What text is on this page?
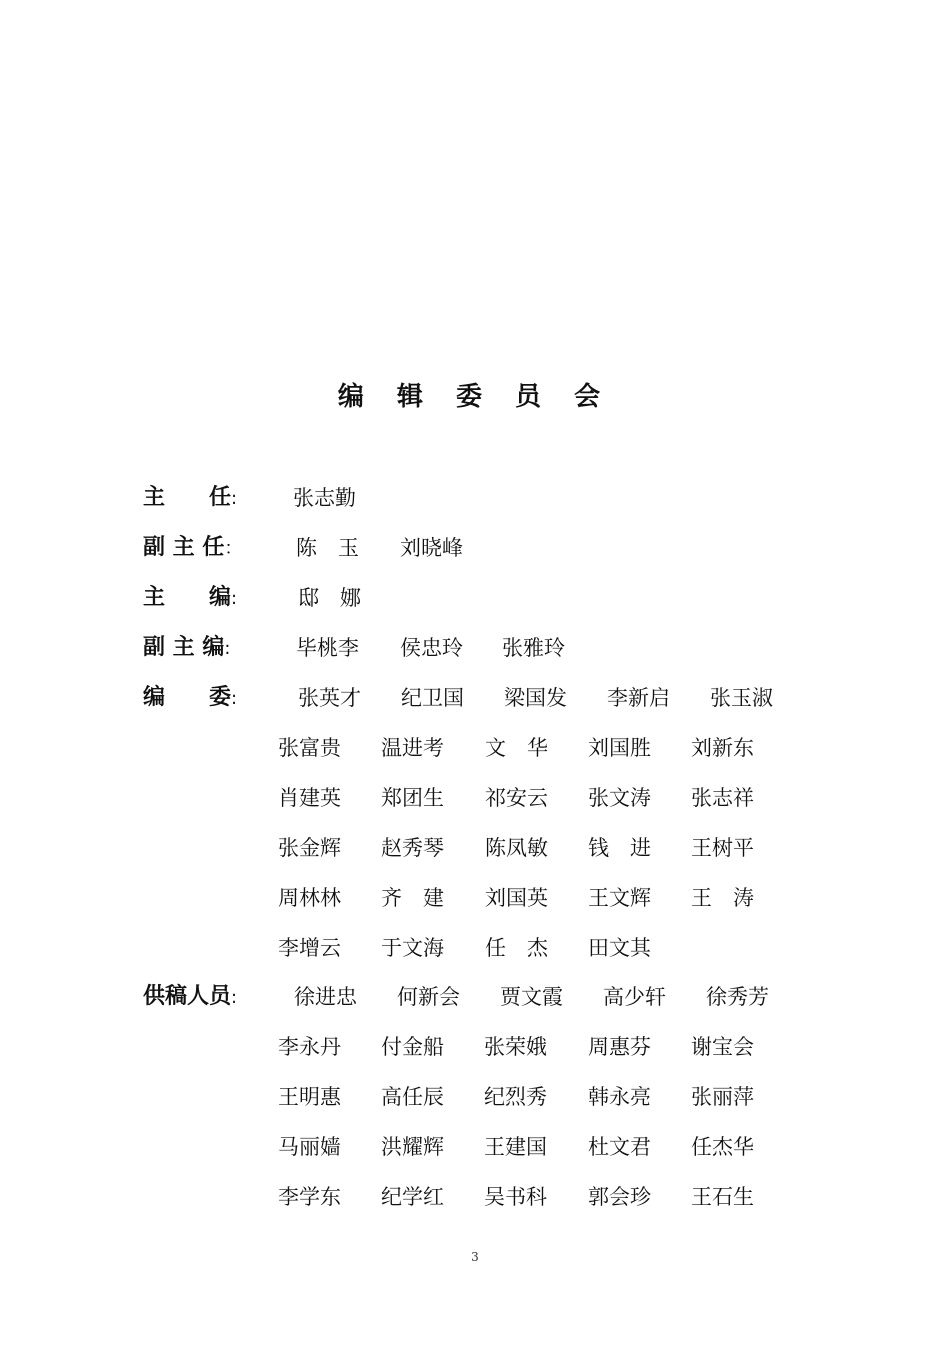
编 辑 委 员 会
主　　任:	张志勤
副 主 任：	陈　玉 刘晓峰
主　　编:	邸　娜
副 主 编:	毕桃李 侯忠玲 张雅玲
编　　委:	张英才 纪卫国 梁国发 李新启 张玉淑
张富贵 温进考 文　华 刘国胜 刘新东
肖建英 郑团生 祁安云 张文涛 张志祥
张金辉 赵秀琴 陈凤敏 钱　进 王树平
周林林 齐　建 刘国英 王文辉 王　涛
李增云 于文海 任　杰 田文其
供稿人员:	徐进忠 何新会 贾文霞 高少轩 徐秀芳
李永丹 付金船 张荣娥 周惠芬 谢宝会
王明惠 高任辰 纪烈秀 韩永亮 张丽萍
马丽嫱 洪耀辉 王建国 杜文君 任杰华
李学东 纪学红 吴书科 郭会珍 王石生
3
